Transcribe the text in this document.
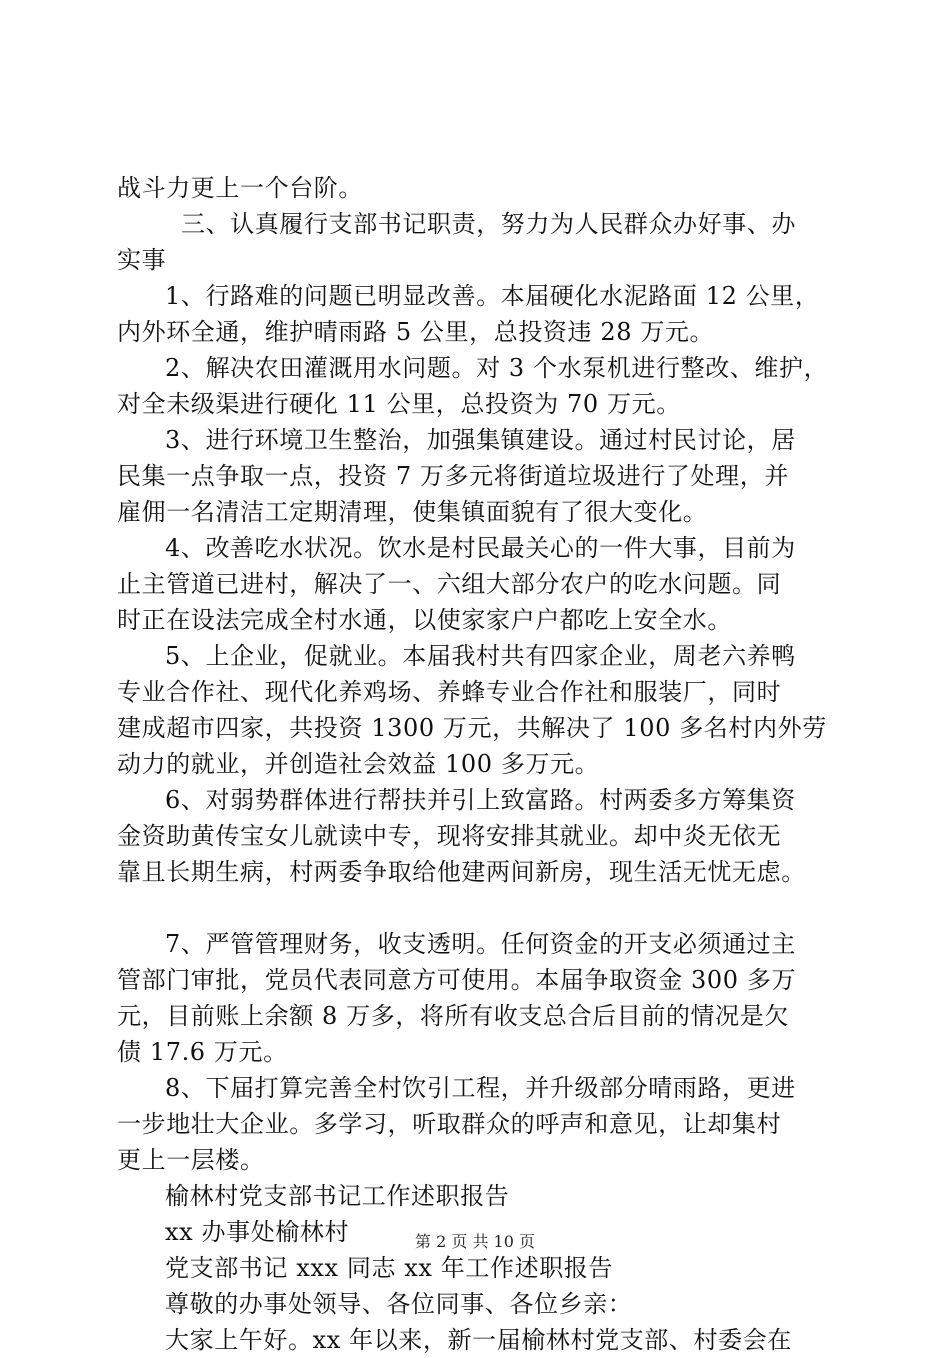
战斗力更上一个台阶。
三、认真履行支部书记职责，努力为人民群众办好事、办
实事
1、行路难的问题已明显改善。本届硬化水泥路面 12 公里，
内外环全通，维护晴雨路 5 公里，总投资违 28 万元。
2、解决农田灌溉用水问题。对 3 个水泵机进行整改、维护，
对全未级渠进行硬化 11 公里，总投资为 70 万元。
3、进行环境卫生整治，加强集镇建设。通过村民讨论，居
民集一点争取一点，投资 7 万多元将街道垃圾进行了处理，并
雇佣一名清洁工定期清理，使集镇面貌有了很大变化。
4、改善吃水状况。饮水是村民最关心的一件大事，目前为
止主管道已进村，解决了一、六组大部分农户的吃水问题。同
时正在设法完成全村水通，以使家家户户都吃上安全水。
5、上企业，促就业。本届我村共有四家企业，周老六养鸭
专业合作社、现代化养鸡场、养蜂专业合作社和服装厂，同时
建成超市四家，共投资 1300 万元，共解决了 100 多名村内外劳
动力的就业，并创造社会效益 100 多万元。
6、对弱势群体进行帮扶并引上致富路。村两委多方筹集资
金资助黄传宝女儿就读中专，现将安排其就业。却中炎无依无
靠且长期生病，村两委争取给他建两间新房，现生活无忧无虑。
7、严管管理财务，收支透明。任何资金的开支必须通过主
管部门审批，党员代表同意方可使用。本届争取资金 300 多万
元，目前账上余额 8 万多，将所有收支总合后目前的情况是欠
债 17.6 万元。
8、下届打算完善全村饮引工程，并升级部分晴雨路，更进
一步地壮大企业。多学习，听取群众的呼声和意见，让却集村
更上一层楼。
榆林村党支部书记工作述职报告
xx 办事处榆林村
党支部书记 xxx 同志 xx 年工作述职报告
尊敬的办事处领导、各位同事、各位乡亲：
大家上午好。xx 年以来，新一届榆林村党支部、村委会在
第 2 页 共 10 页
